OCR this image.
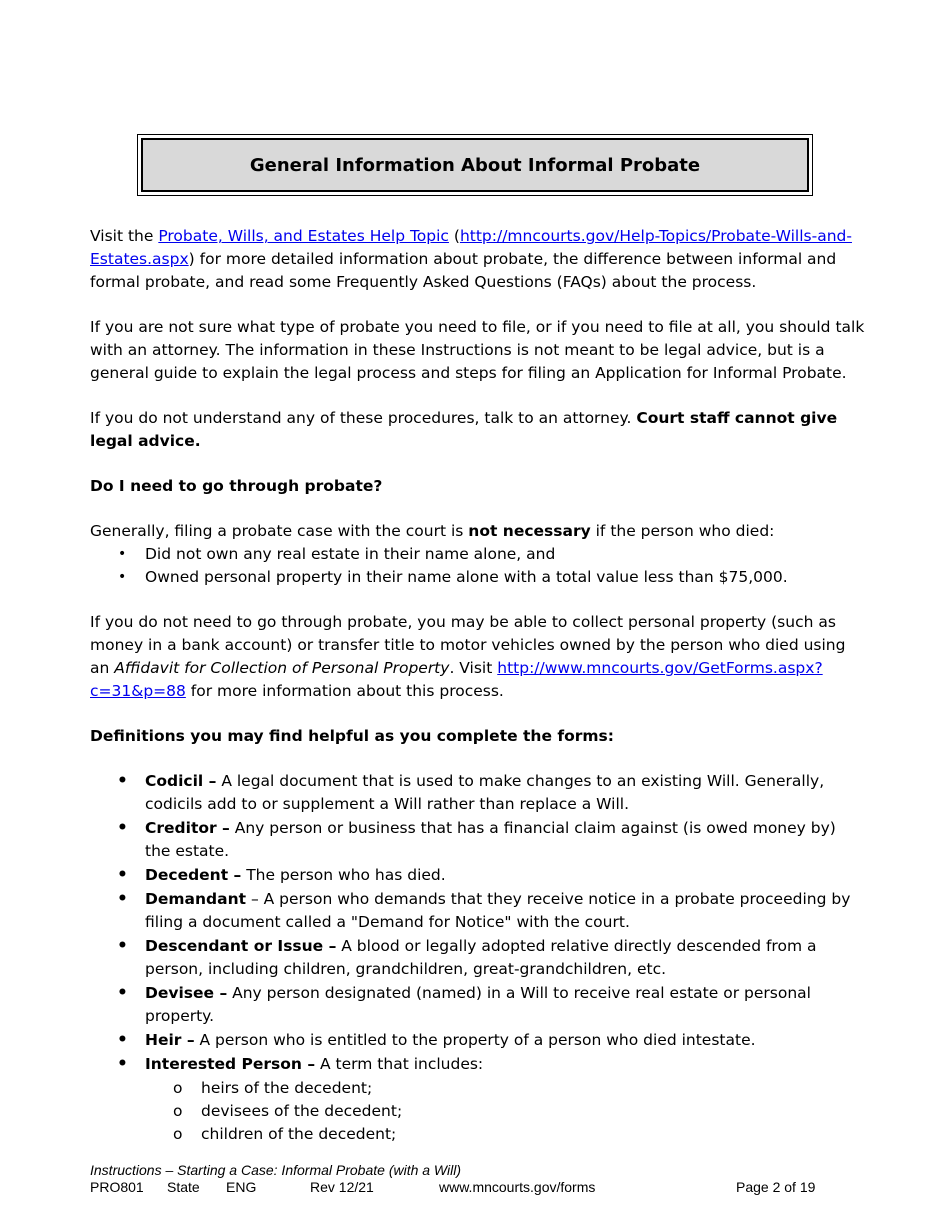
General Information About Informal Probate

Visit the Probate, Wills, and Estates Help Topic (http://mncourts.gov/Help-Topics/Probate-Wills-and-Estates.aspx) for more detailed information about probate, the difference between informal and formal probate, and read some Frequently Asked Questions (FAQs) about the process.

If you are not sure what type of probate you need to file, or if you need to file at all, you should talk with an attorney. The information in these Instructions is not meant to be legal advice, but is a general guide to explain the legal process and steps for filing an Application for Informal Probate.

If you do not understand any of these procedures, talk to an attorney. Court staff cannot give legal advice.

Do I need to go through probate?

Generally, filing a probate case with the court is not necessary if the person who died:

• Did not own any real estate in their name alone, and
• Owned personal property in their name alone with a total value less than $75,000.

If you do not need to go through probate, you may be able to collect personal property (such as money in a bank account) or transfer title to motor vehicles owned by the person who died using an Affidavit for Collection of Personal Property. Visit http://www.mncourts.gov/GetForms.aspx?c=31&p=88 for more information about this process.

Definitions you may find helpful as you complete the forms:

• Codicil – A legal document that is used to make changes to an existing Will. Generally, codicils add to or supplement a Will rather than replace a Will.
• Creditor – Any person or business that has a financial claim against (is owed money by) the estate.
• Decedent – The person who has died.
• Demandant – A person who demands that they receive notice in a probate proceeding by filing a document called a "Demand for Notice" with the court.
• Descendant or Issue – A blood or legally adopted relative directly descended from a person, including children, grandchildren, great-grandchildren, etc.
• Devisee – Any person designated (named) in a Will to receive real estate or personal property.
• Heir – A person who is entitled to the property of a person who died intestate.
• Interested Person – A term that includes:
o heirs of the decedent;
o devisees of the decedent;
o children of the decedent;
Instructions – Starting a Case: Informal Probate (with a Will)
PRO801 State ENG	Rev 12/21	www.mncourts.gov/forms	Page 2 of 19
